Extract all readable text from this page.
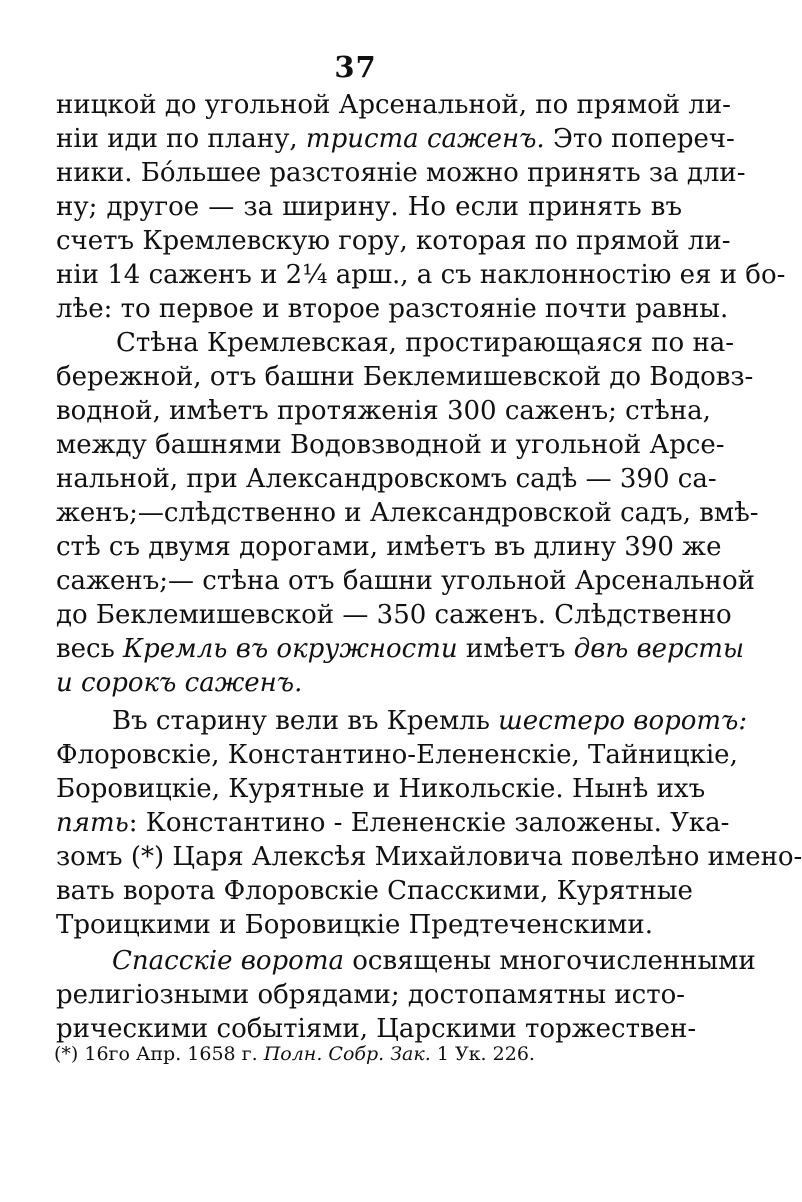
37
ницкой до угольной Арсенальной, по прямой ли-
ніи иди по плану, триста саженъ. Это попереч-
ники. Бо́льшее разстояніе можно принять за дли-
ну; другое — за ширину. Но если принять въ
счетъ Кремлевскую гору, которая по прямой ли-
ніи 14 саженъ и 2¼ арш., а съ наклонностію ея и бо-
лѣе: то первое и второе разстояніе почти равны.
Стѣна Кремлевская, простирающаяся по на-
бережной, отъ башни Беклемишевской до Водовз-
водной, имѣетъ протяженія 300 саженъ; стѣна,
между башнями Водовзводной и угольной Арсе-
нальной, при Александровскомъ садѣ — 390 са-
женъ;—слѣдственно и Александровской садъ, вмѣ-
стѣ съ двумя дорогами, имѣетъ въ длину 390 же
саженъ;— стѣна отъ башни угольной Арсенальной
до Беклемишевской — 350 саженъ. Слѣдственно
весь Кремль въ окружности имѣетъ двѣ версты
и сорокъ саженъ.
Въ старину вели въ Кремль шестеро воротъ:
Флоровскіе, Константино-Елененскіе, Тайницкіе,
Боровицкіе, Курятные и Никольскіе. Нынѣ ихъ
пять: Константино - Елененскіе заложены. Ука-
зомъ (*) Царя Алексѣя Михайловича повелѣно имено-
вать ворота Флоровскіе Спасскими, Курятные
Троицкими и Боровицкіе Предтеченскими.
Спасскіе ворота освящены многочисленными
религіозными обрядами; достопамятны истo-
рическими событіями, Царскими торжествен-
(*) 16го Апр. 1658 г. Полн. Собр. Зак. 1 Ук. 226.
